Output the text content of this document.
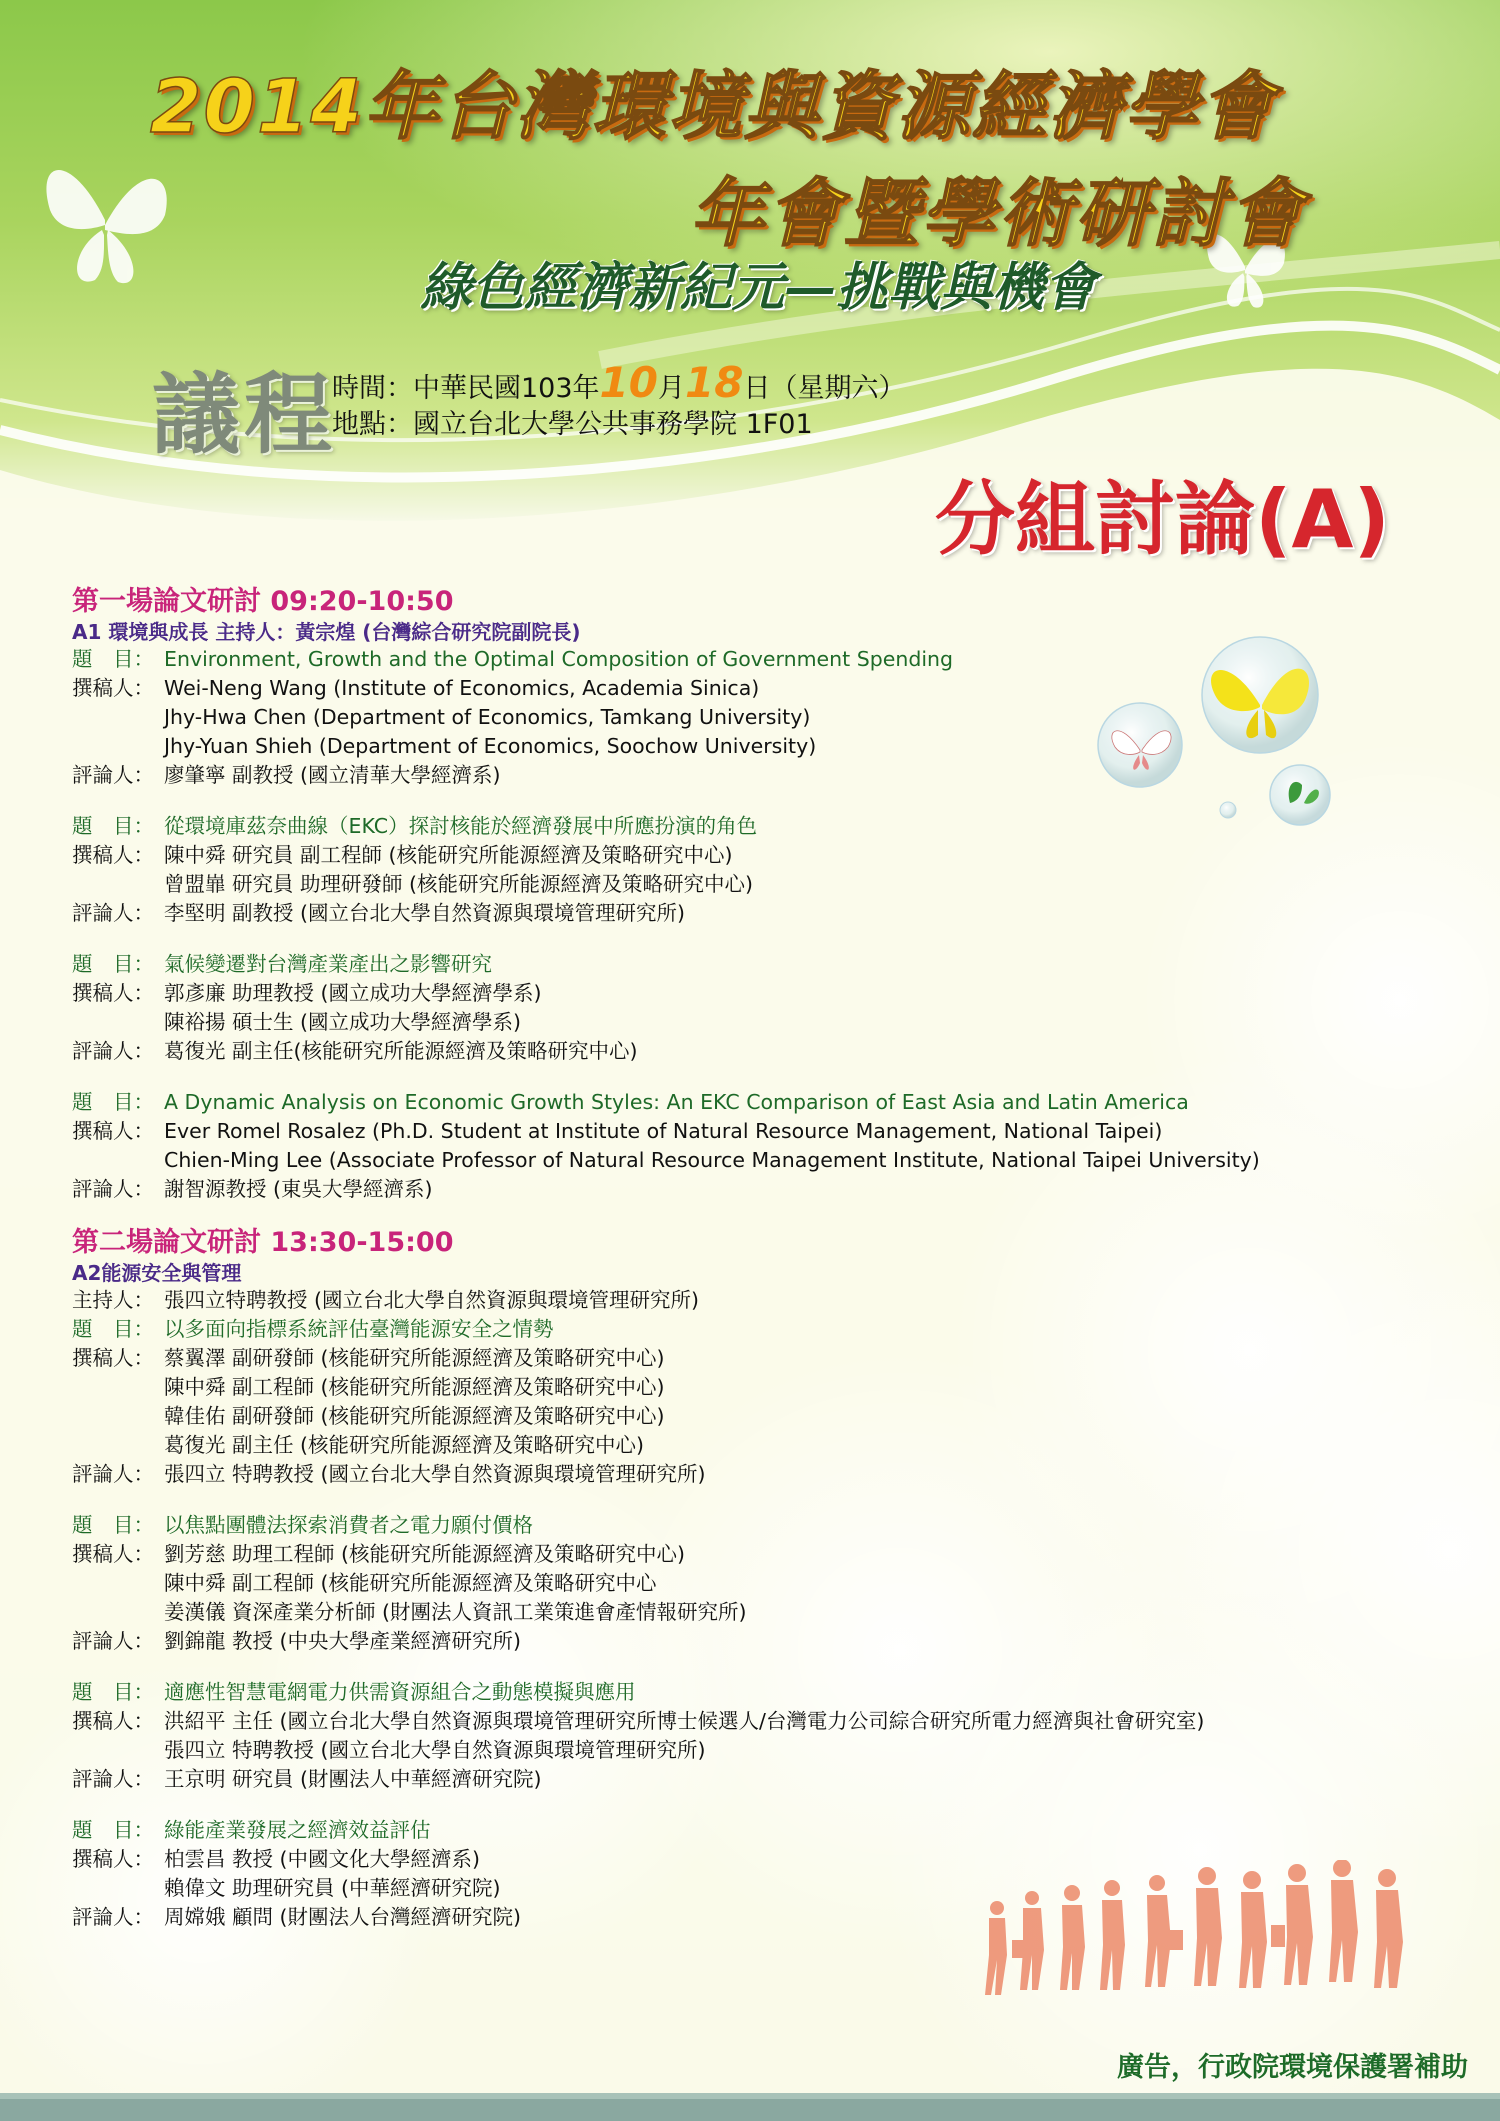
2014年台灣環境與資源經濟學會
年會暨學術研討會
綠色經濟新紀元—挑戰與機會
議程
時間：中華民國103年10月18日（星期六）
地點：國立台北大學公共事務學院 1F01
分組討論(A)
第一場論文研討 09:20-10:50
A1 環境與成長 主持人：黃宗煌 (台灣綜合研究院副院長)
題　目： Environment, Growth and the Optimal Composition of Government Spending
撰稿人： Wei-Neng Wang (Institute of Economics, Academia Sinica)
Jhy-Hwa Chen (Department of Economics, Tamkang University)
Jhy-Yuan Shieh (Department of Economics, Soochow University)
評論人： 廖肇寧 副教授 (國立清華大學經濟系)
題　目： 從環境庫茲奈曲線（EKC）探討核能於經濟發展中所應扮演的角色
撰稿人： 陳中舜 研究員 副工程師 (核能研究所能源經濟及策略研究中心)
曾盟㠑 研究員 助理研發師 (核能研究所能源經濟及策略研究中心)
評論人： 李堅明 副教授 (國立台北大學自然資源與環境管理研究所)
題　目： 氣候變遷對台灣產業產出之影響研究
撰稿人： 郭彥廉 助理教授 (國立成功大學經濟學系)
陳裕揚 碩士生 (國立成功大學經濟學系)
評論人： 葛復光 副主任(核能研究所能源經濟及策略研究中心)
題　目： A Dynamic Analysis on Economic Growth Styles: An EKC Comparison of East Asia and Latin America
撰稿人： Ever Romel Rosalez (Ph.D. Student at Institute of Natural Resource Management, National Taipei)
Chien-Ming Lee (Associate Professor of Natural Resource Management Institute, National Taipei University)
評論人： 謝智源教授 (東吳大學經濟系)
第二場論文研討 13:30-15:00
A2能源安全與管理
主持人： 張四立特聘教授 (國立台北大學自然資源與環境管理研究所)
題　目： 以多面向指標系統評估臺灣能源安全之情勢
撰稿人： 蔡翼澤 副研發師 (核能研究所能源經濟及策略研究中心)
陳中舜 副工程師 (核能研究所能源經濟及策略研究中心)
韓佳佑 副研發師 (核能研究所能源經濟及策略研究中心)
葛復光 副主任 (核能研究所能源經濟及策略研究中心)
評論人： 張四立 特聘教授 (國立台北大學自然資源與環境管理研究所)
題　目： 以焦點團體法探索消費者之電力願付價格
撰稿人： 劉芳慈 助理工程師 (核能研究所能源經濟及策略研究中心)
陳中舜 副工程師 (核能研究所能源經濟及策略研究中心
姜漢儀 資深產業分析師 (財團法人資訊工業策進會產情報研究所)
評論人： 劉錦龍 教授 (中央大學產業經濟研究所)
題　目： 適應性智慧電網電力供需資源組合之動態模擬與應用
撰稿人： 洪紹平 主任 (國立台北大學自然資源與環境管理研究所博士候選人/台灣電力公司綜合研究所電力經濟與社會研究室)
張四立 特聘教授 (國立台北大學自然資源與環境管理研究所)
評論人： 王京明 研究員 (財團法人中華經濟研究院)
題　目： 綠能產業發展之經濟效益評估
撰稿人： 柏雲昌 教授 (中國文化大學經濟系)
賴偉文 助理研究員 (中華經濟研究院)
評論人： 周嫦娥 顧問 (財團法人台灣經濟研究院)
廣告，行政院環境保護署補助
